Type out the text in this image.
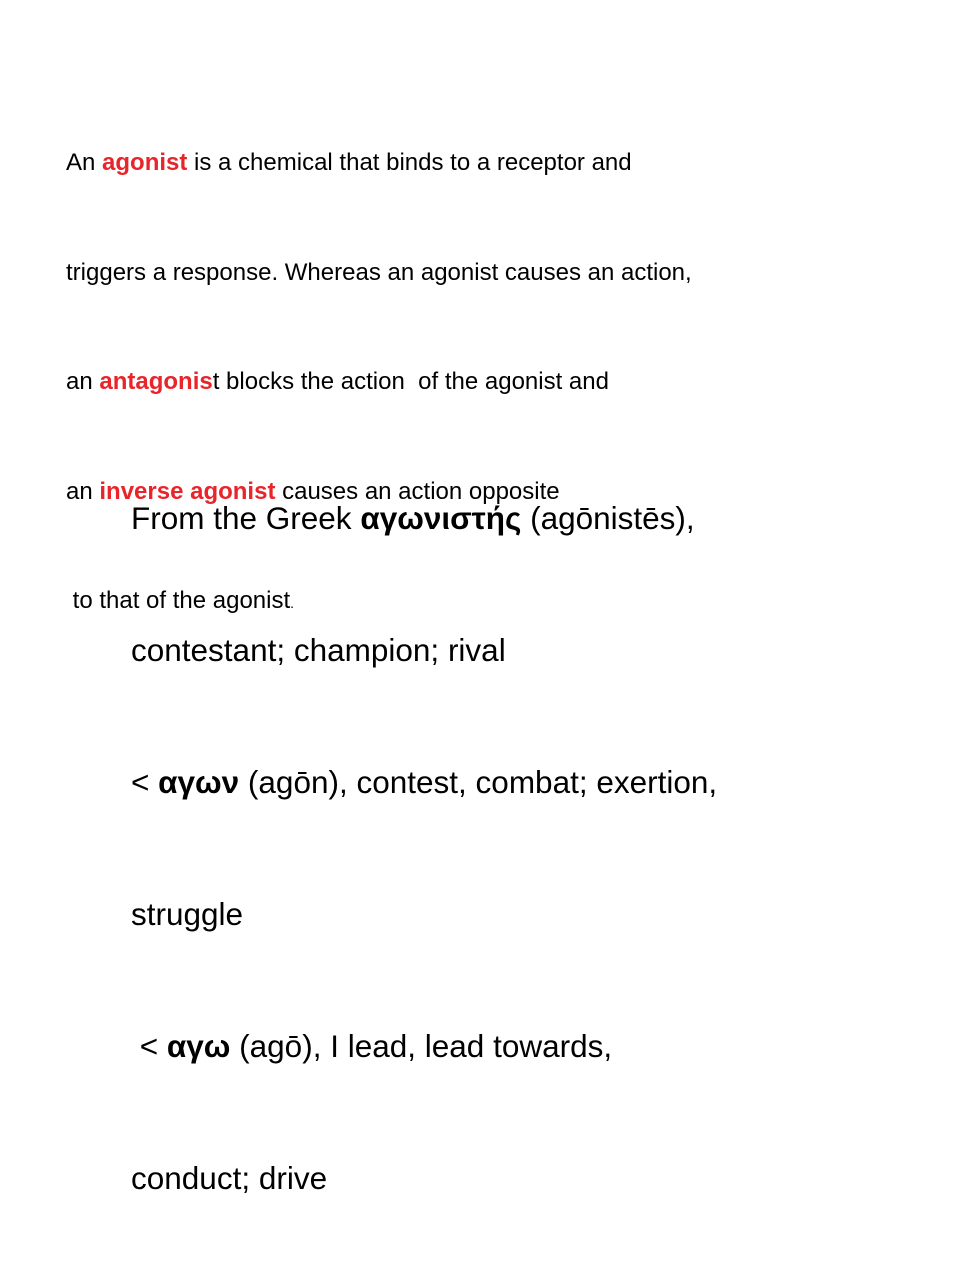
An agonist is a chemical that binds to a receptor and

triggers a response. Whereas an agonist causes an action,

an antagonist blocks the action  of the agonist and

an inverse agonist causes an action opposite

to that of the agonist.

From the Greek αγωνιστής (agōnistēs),

contestant; champion; rival

< αγων (agōn), contest, combat; exertion,

struggle

< αγω (agō), I lead, lead towards,

conduct; drive
